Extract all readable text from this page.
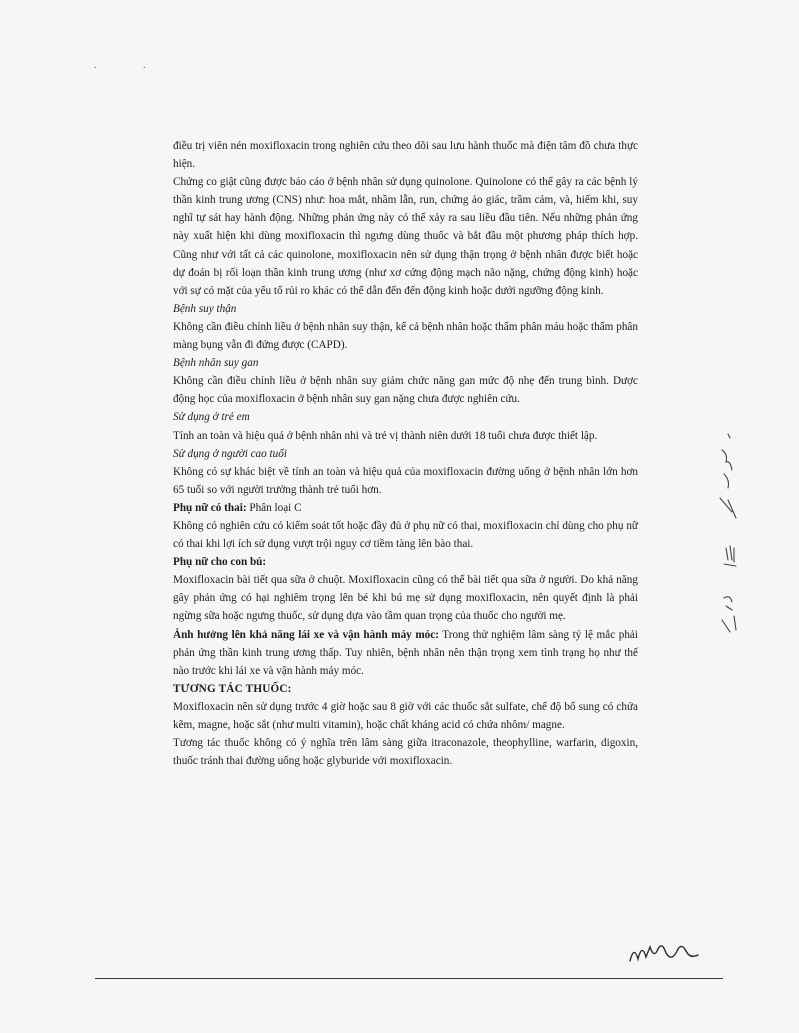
. .

điều trị viên nén moxifloxacin trong nghiên cứu theo dõi sau lưu hành thuốc mà điện tâm đồ chưa thực hiện.

Chứng co giật cũng được báo cáo ở bệnh nhân sử dụng quinolone. Quinolone có thể gây ra các bệnh lý thần kinh trung ương (CNS) như: hoa mắt, nhầm lẫn, run, chứng ảo giác, trầm cảm, và, hiếm khi, suy nghĩ tự sát hay hành động. Những phản ứng này có thể xảy ra sau liều đầu tiên. Nếu những phản ứng này xuất hiện khi dùng moxifloxacin thì ngưng dùng thuốc và bắt đầu một phương pháp thích hợp. Cũng như với tất cả các quinolone, moxifloxacin nên sử dụng thận trọng ở bệnh nhân được biết hoặc dự đoán bị rối loạn thần kinh trung ương (như xơ cứng động mạch não nặng, chứng động kinh) hoặc với sự có mặt của yếu tố rủi ro khác có thể dẫn đến đến động kinh hoặc dưới ngưỡng động kinh.

Bệnh suy thận

Không cần điều chỉnh liều ở bệnh nhân suy thận, kể cả bệnh nhân hoặc thẩm phân máu hoặc thẩm phân màng bụng vẫn đi đứng được (CAPD).

Bệnh nhân suy gan

Không cần điều chỉnh liều ở bệnh nhân suy giảm chức năng gan mức độ nhẹ đến trung bình. Dược động học của moxifloxacin ở bệnh nhân suy gan nặng chưa được nghiên cứu.

Sử dụng ở trẻ em

Tính an toàn và hiệu quả ở bệnh nhân nhi và trẻ vị thành niên dưới 18 tuổi chưa được thiết lập.

Sử dụng ở người cao tuổi

Không có sự khác biệt về tính an toàn và hiệu quả của moxifloxacin đường uống ở bệnh nhân lớn hơn 65 tuổi so với người trưởng thành trẻ tuổi hơn.

Phụ nữ có thai: Phân loại C

Không có nghiên cứu có kiểm soát tốt hoặc đầy đủ ở phụ nữ có thai, moxifloxacin chỉ dùng cho phụ nữ có thai khi lợi ích sử dụng vượt trội nguy cơ tiềm tàng lên bào thai.

Phụ nữ cho con bú:

Moxifloxacin bài tiết qua sữa ở chuột. Moxifloxacin cũng có thể bài tiết qua sữa ở người. Do khả năng gây phản ứng có hại nghiêm trọng lên bé khi bú mẹ sử dụng moxifloxacin, nên quyết định là phải ngừng sữa hoặc ngưng thuốc, sử dụng dựa vào tầm quan trọng của thuốc cho người mẹ.

Ảnh hưởng lên khả năng lái xe và vận hành máy móc: Trong thử nghiệm lâm sàng tỷ lệ mắc phải phản ứng thần kinh trung ương thấp. Tuy nhiên, bệnh nhân nên thận trọng xem tình trạng họ như thế nào trước khi lái xe và vận hành máy móc.

TƯƠNG TÁC THUỐC:

Moxifloxacin nên sử dụng trước 4 giờ hoặc sau 8 giờ với các thuốc sắt sulfate, chế độ bổ sung có chứa kẽm, magne, hoặc sắt (như multi vitamin), hoặc chất kháng acid có chứa nhôm/ magne.

Tương tác thuốc không có ý nghĩa trên lâm sàng giữa itraconazole, theophylline, warfarin, digoxin, thuốc tránh thai đường uống hoặc glyburide với moxifloxacin.
